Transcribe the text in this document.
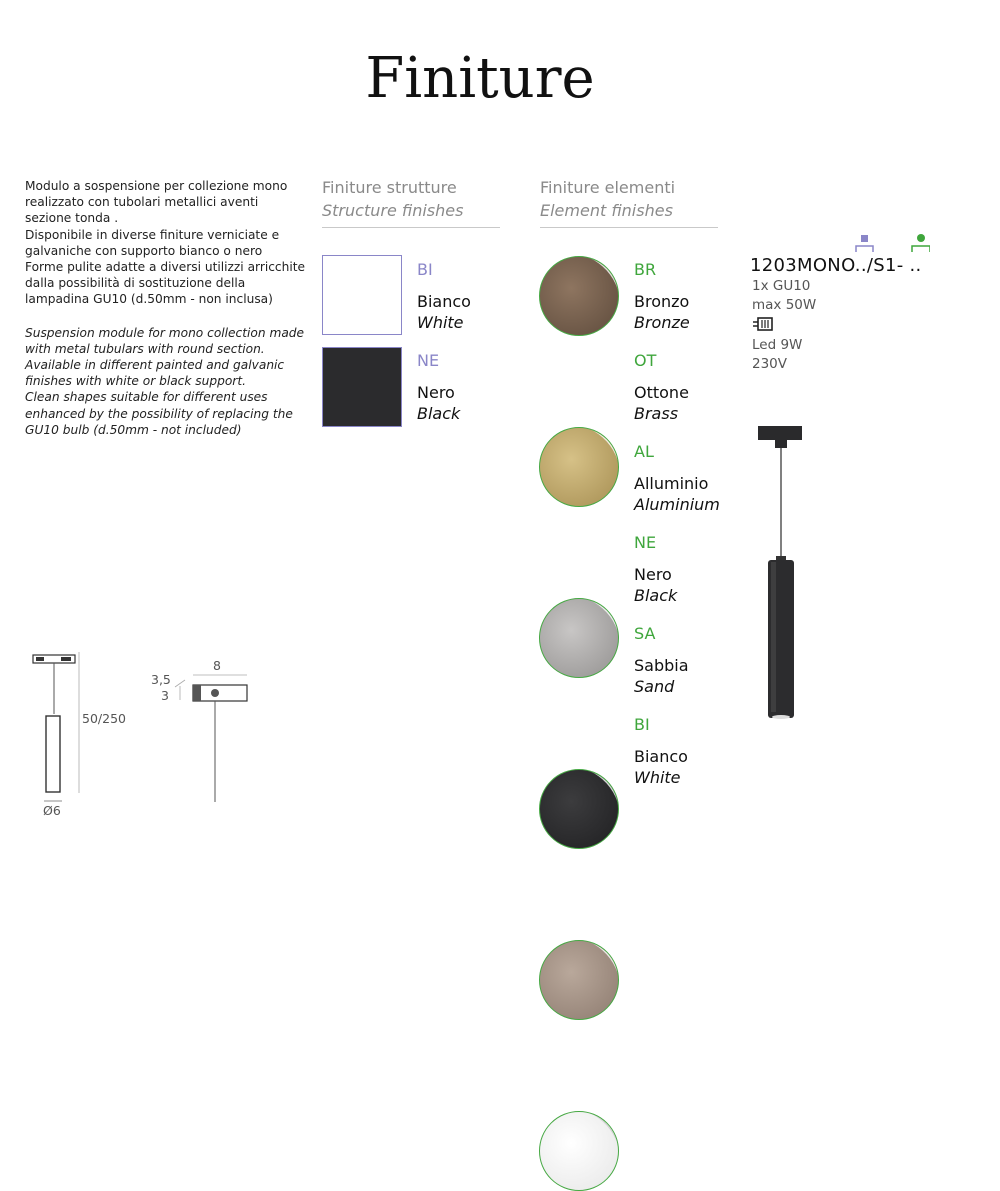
Finiture

Modulo a sospensione per collezione mono
realizzato con tubolari metallici aventi
sezione tonda .
Disponibile in diverse finiture verniciate e
galvaniche con supporto bianco o nero
Forme pulite adatte a diversi utilizzi arricchite
dalla possibilità di sostituzione della
lampadina GU10 (d.50mm - non inclusa)

Suspension module for mono collection made
with metal tubulars with round section.
Available in different painted and galvanic
finishes with white or black support.
Clean shapes suitable for different uses
enhanced by the possibility of replacing the
GU10 bulb (d.50mm - not included)

Finiture strutture
Structure finishes
BI
Bianco
White
NE
Nero
Black
Finiture elementi
Element finishes
BR
Bronzo
Bronze
OT
Ottone
Brass
AL
Alluminio
Aluminium
NE
Nero
Black
SA
Sabbia
Sand
BI
Bianco
White
1203MONO../S1- ..
1x GU10
max 50W
Led 9W
230V
50/250
Ø6
8
3,5
3
